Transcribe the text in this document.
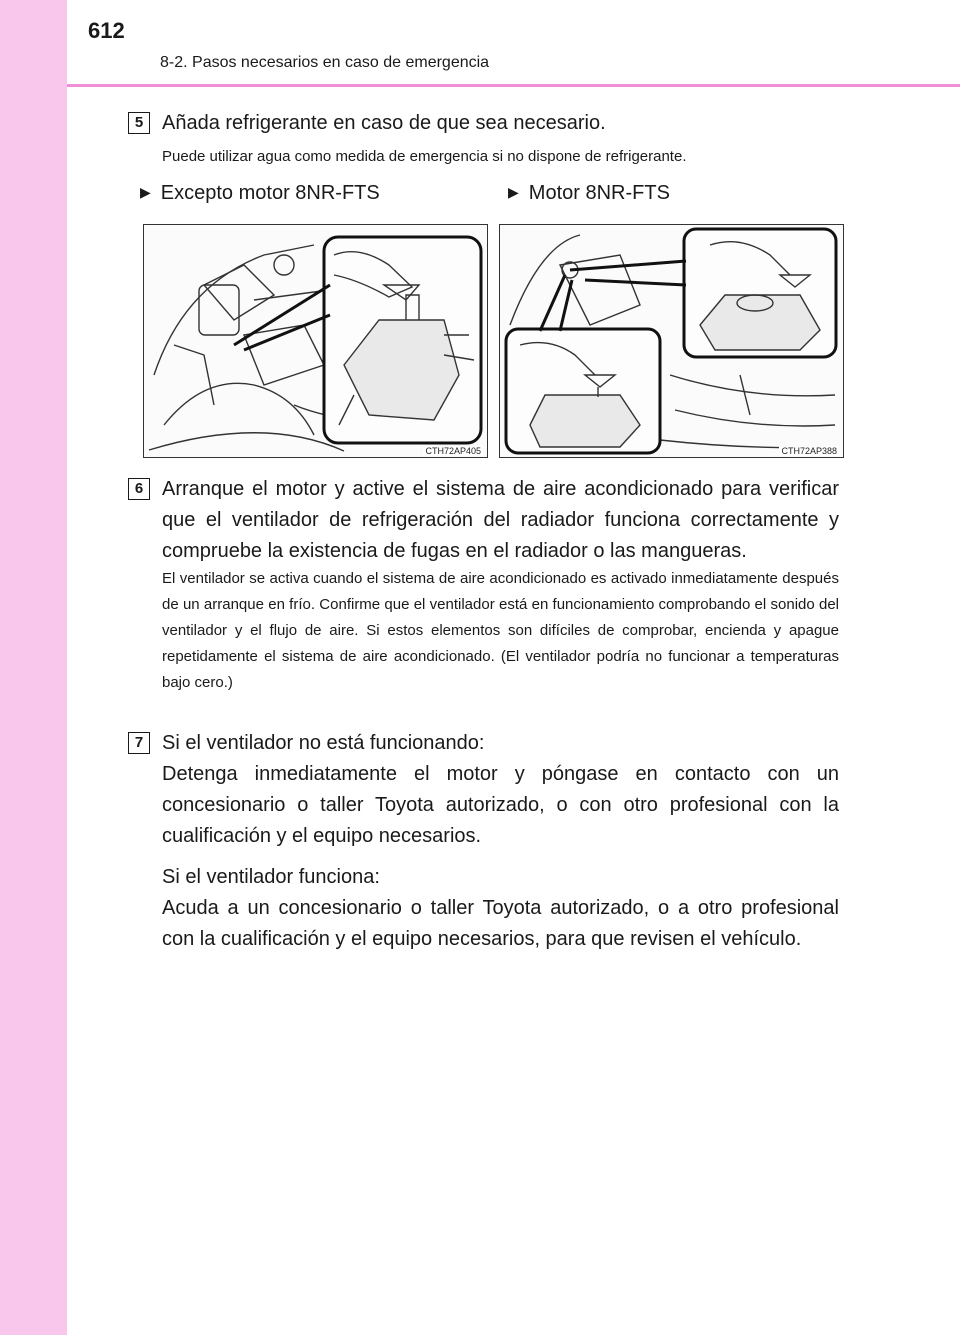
612
8-2. Pasos necesarios en caso de emergencia
5 Añada refrigerante en caso de que sea necesario.
Puede utilizar agua como medida de emergencia si no dispone de refrigerante.
▶ Excepto motor 8NR-FTS	▶ Motor 8NR-FTS
CTH72AP405	CTH72AP388
6 Arranque el motor y active el sistema de aire acondicionado para verificar que el ventilador de refrigeración del radiador funciona correctamente y compruebe la existencia de fugas en el radiador o las mangueras.
El ventilador se activa cuando el sistema de aire acondicionado es activado inmediatamente después de un arranque en frío. Confirme que el ventilador está en funcionamiento comprobando el sonido del ventilador y el flujo de aire. Si estos elementos son difíciles de comprobar, encienda y apague repetidamente el sistema de aire acondicionado. (El ventilador podría no funcionar a temperaturas bajo cero.)
7 Si el ventilador no está funcionando:

Detenga inmediatamente el motor y póngase en contacto con un concesionario o taller Toyota autorizado, o con otro profesional con la cualificación y el equipo necesarios.

Si el ventilador funciona:

Acuda a un concesionario o taller Toyota autorizado, o a otro profesional con la cualificación y el equipo necesarios, para que revisen el vehículo.
